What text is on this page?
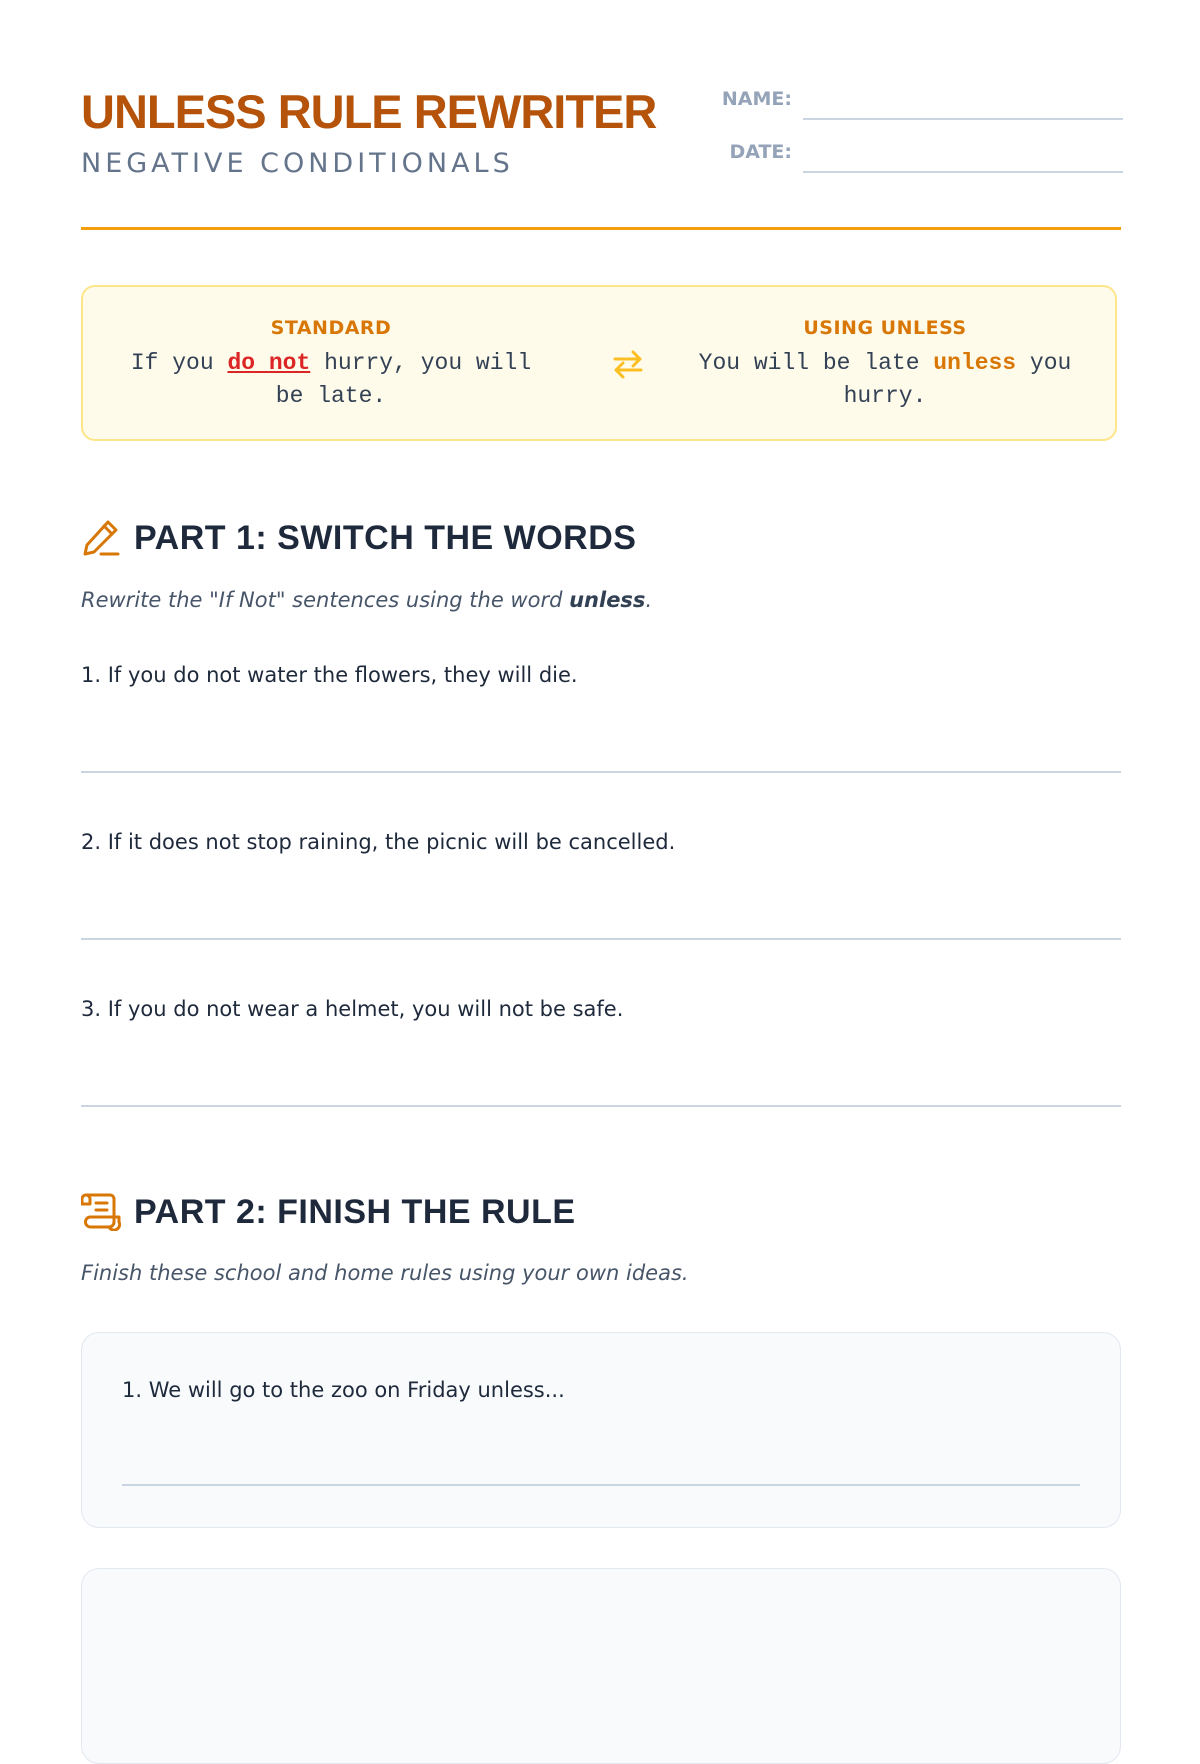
UNLESS RULE REWRITER
NEGATIVE CONDITIONALS
NAME:
DATE:
STANDARD
If you do not hurry, you will be late.
USING UNLESS
You will be late unless you hurry.
PART 1: SWITCH THE WORDS
Rewrite the "If Not" sentences using the word unless.
1. If you do not water the flowers, they will die.
2. If it does not stop raining, the picnic will be cancelled.
3. If you do not wear a helmet, you will not be safe.
PART 2: FINISH THE RULE
Finish these school and home rules using your own ideas.
1. We will go to the zoo on Friday unless...
